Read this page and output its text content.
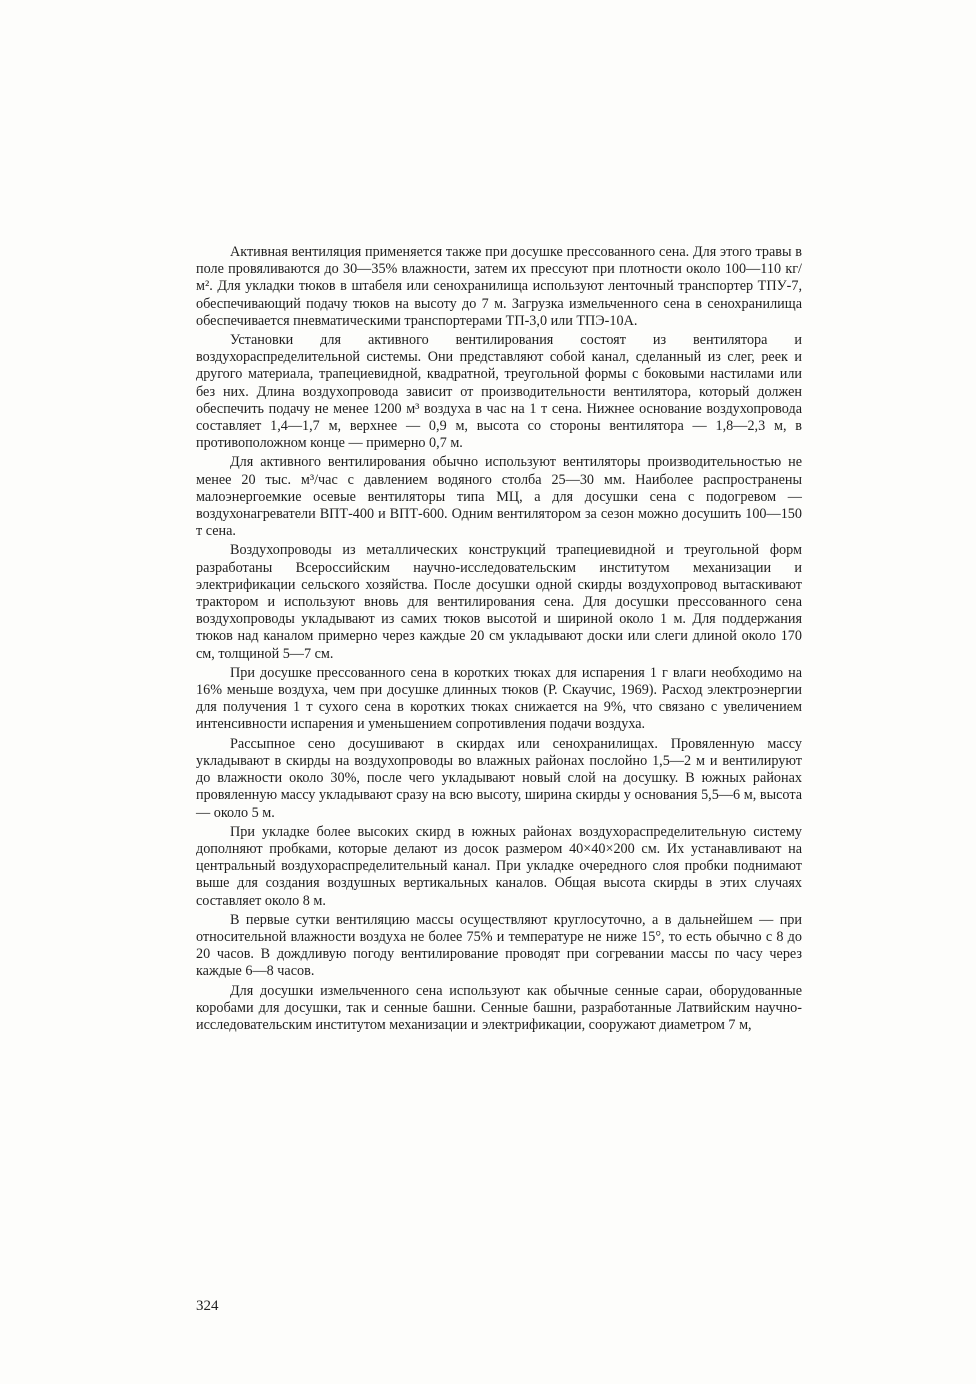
Активная вентиляция применяется также при досушке прессованного сена. Для этого травы в поле провяливаются до 30—35% влажности, затем их прессуют при плотности около 100—110 кг/м². Для укладки тюков в штабеля или сенохранилища используют ленточный транспортер ТПУ-7, обеспечивающий подачу тюков на высоту до 7 м. Загрузка измельченного сена в сенохранилища обеспечивается пневматическими транспортерами ТП-3,0 или ТПЭ-10А.

Установки для активного вентилирования состоят из вентилятора и воздухораспределительной системы. Они представляют собой канал, сделанный из слег, реек и другого материала, трапециевидной, квадратной, треугольной формы с боковыми настилами или без них. Длина воздухопровода зависит от производительности вентилятора, который должен обеспечить подачу не менее 1200 м³ воздуха в час на 1 т сена. Нижнее основание воздухопровода составляет 1,4—1,7 м, верхнее — 0,9 м, высота со стороны вентилятора — 1,8—2,3 м, в противоположном конце — примерно 0,7 м.

Для активного вентилирования обычно используют вентиляторы производительностью не менее 20 тыс. м³/час с давлением водяного столба 25—30 мм. Наиболее распространены малоэнергоемкие осевые вентиляторы типа МЦ, а для досушки сена с подогревом — воздухонагреватели ВПТ-400 и ВПТ-600. Одним вентилятором за сезон можно досушить 100—150 т сена.

Воздухопроводы из металлических конструкций трапециевидной и треугольной форм разработаны Всероссийским научно-исследовательским институтом механизации и электрификации сельского хозяйства. После досушки одной скирды воздухопровод вытаскивают трактором и используют вновь для вентилирования сена. Для досушки прессованного сена воздухопроводы укладывают из самих тюков высотой и шириной около 1 м. Для поддержания тюков над каналом примерно через каждые 20 см укладывают доски или слеги длиной около 170 см, толщиной 5—7 см.

При досушке прессованного сена в коротких тюках для испарения 1 г влаги необходимо на 16% меньше воздуха, чем при досушке длинных тюков (Р. Скаучис, 1969). Расход электроэнергии для получения 1 т сухого сена в коротких тюках снижается на 9%, что связано с увеличением интенсивности испарения и уменьшением сопротивления подачи воздуха.

Рассыпное сено досушивают в скирдах или сенохранилищах. Провяленную массу укладывают в скирды на воздухопроводы во влажных районах послойно 1,5—2 м и вентилируют до влажности около 30%, после чего укладывают новый слой на досушку. В южных районах провяленную массу укладывают сразу на всю высоту, ширина скирды у основания 5,5—6 м, высота — около 5 м.

При укладке более высоких скирд в южных районах воздухораспределительную систему дополняют пробками, которые делают из досок размером 40×40×200 см. Их устанавливают на центральный воздухораспределительный канал. При укладке очередного слоя пробки поднимают выше для создания воздушных вертикальных каналов. Общая высота скирды в этих случаях составляет около 8 м.

В первые сутки вентиляцию массы осуществляют круглосуточно, а в дальнейшем — при относительной влажности воздуха не более 75% и температуре не ниже 15°, то есть обычно с 8 до 20 часов. В дождливую погоду вентилирование проводят при согревании массы по часу через каждые 6—8 часов.

Для досушки измельченного сена используют как обычные сенные сараи, оборудованные коробами для досушки, так и сенные башни. Сенные башни, разработанные Латвийским научно-исследовательским институтом механизации и электрификации, сооружают диаметром 7 м,

324
